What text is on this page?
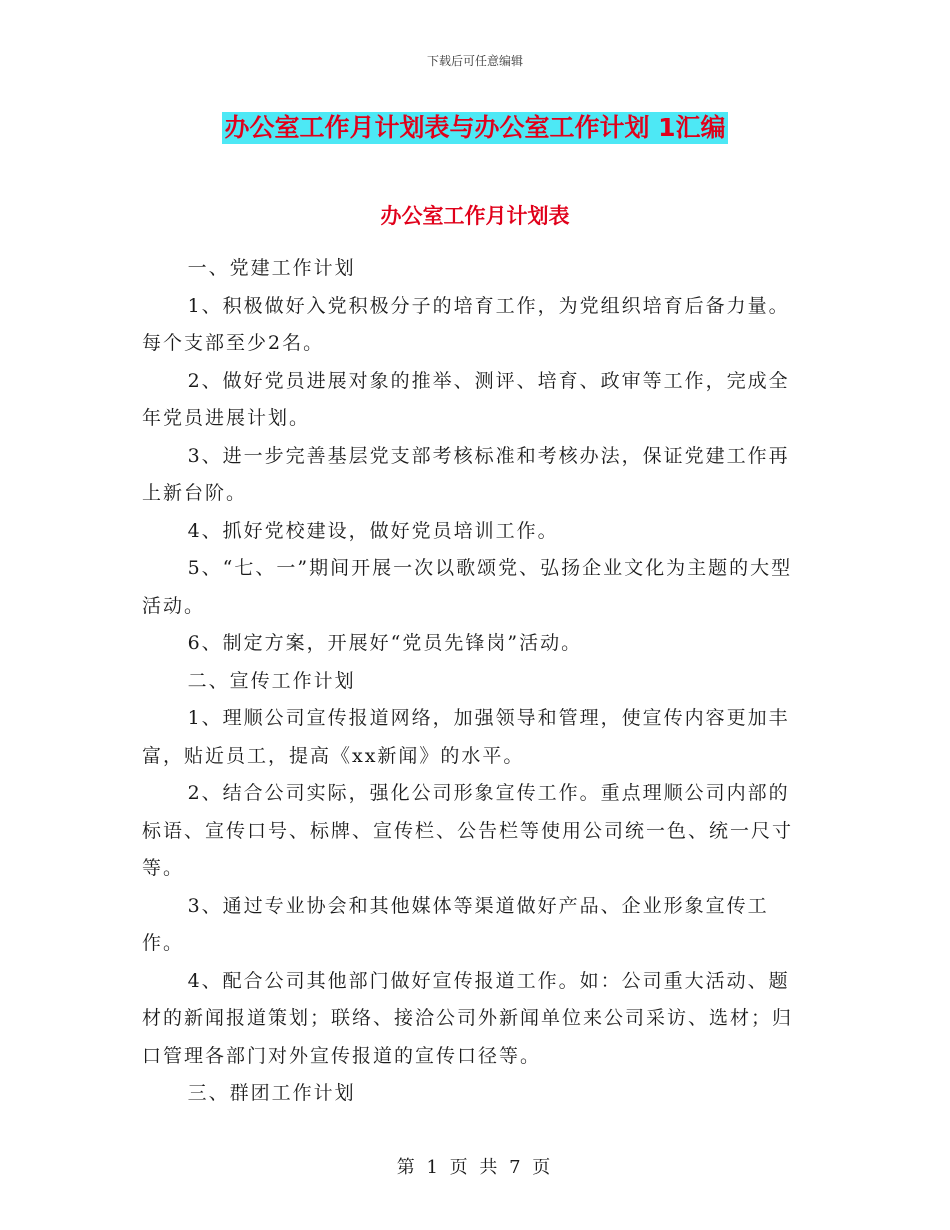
下载后可任意编辑
办公室工作月计划表与办公室工作计划 1汇编
办公室工作月计划表

一、党建工作计划

1、积极做好入党积极分子的培育工作，为党组织培育后备力量。每个支部至少2名。

2、做好党员进展对象的推举、测评、培育、政审等工作，完成全年党员进展计划。

3、进一步完善基层党支部考核标准和考核办法，保证党建工作再上新台阶。

4、抓好党校建设，做好党员培训工作。

5、“七、一”期间开展一次以歌颂党、弘扬企业文化为主题的大型活动。

6、制定方案，开展好“党员先锋岗”活动。

二、宣传工作计划

1、理顺公司宣传报道网络，加强领导和管理，使宣传内容更加丰富，贴近员工，提高《xx新闻》的水平。

2、结合公司实际，强化公司形象宣传工作。重点理顺公司内部的标语、宣传口号、标牌、宣传栏、公告栏等使用公司统一色、统一尺寸等。

3、通过专业协会和其他媒体等渠道做好产品、企业形象宣传工作。

4、配合公司其他部门做好宣传报道工作。如：公司重大活动、题材的新闻报道策划；联络、接洽公司外新闻单位来公司采访、选材；归口管理各部门对外宣传报道的宣传口径等。

三、群团工作计划

第 1 页 共 7 页
